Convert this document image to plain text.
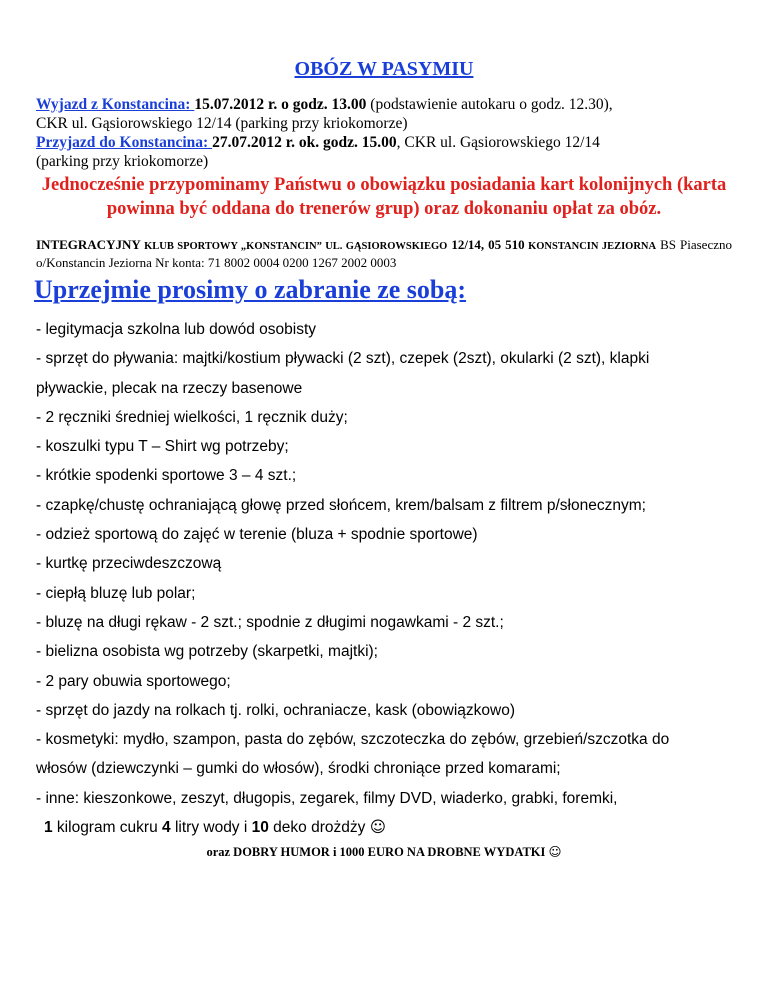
OBÓZ W PASYMIU
Wyjazd z Konstancina: 15.07.2012 r. o godz. 13.00 (podstawienie autokaru o godz. 12.30),
CKR ul. Gąsiorowskiego 12/14 (parking przy kriokomorze)
Przyjazd do Konstancina: 27.07.2012 r. ok. godz. 15.00, CKR ul. Gąsiorowskiego 12/14
(parking przy kriokomorze)
Jednocześnie przypominamy Państwu o obowiązku posiadania kart kolonijnych (karta powinna być oddana do trenerów grup) oraz dokonaniu opłat za obóz.
INTEGRACYJNY KLUB SPORTOWY „KONSTANCIN” UL. GĄSIOROWSKIEGO 12/14, 05 510 KONSTANCIN JEZIORNA BS Piaseczno o/Konstancin Jeziorna Nr konta: 71 8002 0004 0200 1267 2002 0003
Uprzejmie prosimy o zabranie ze sobą:
- legitymacja szkolna lub dowód osobisty
- sprzęt do pływania: majtki/kostium pływacki (2 szt), czepek (2szt), okularki (2 szt), klapki
pływackie, plecak na rzeczy basenowe
- 2 ręczniki średniej wielkości, 1 ręcznik duży;
- koszulki typu T – Shirt wg potrzeby;
- krótkie spodenki sportowe 3 – 4 szt.;
- czapkę/chustę ochraniającą głowę przed słońcem, krem/balsam z filtrem p/słonecznym;
- odzież sportową do zajęć w terenie (bluza + spodnie sportowe)
- kurtkę przeciwdeszczową
- ciepłą bluzę lub polar;
- bluzę na długi rękaw - 2 szt.; spodnie z długimi nogawkami - 2 szt.;
- bielizna osobista wg potrzeby (skarpetki, majtki);
- 2 pary obuwia sportowego;
- sprzęt do jazdy na rolkach tj. rolki, ochraniacze, kask (obowiązkowo)
- kosmetyki: mydło, szampon, pasta do zębów, szczoteczka do zębów, grzebień/szczotka do
włosów (dziewczynki – gumki do włosów), środki chroniące przed komarami;
- inne: kieszonkowe, zeszyt, długopis, zegarek, filmy DVD, wiaderko, grabki, foremki,
1 kilogram cukru 4 litry wody i 10 deko drożdży ☺
oraz DOBRY HUMOR i 1000 EURO NA DROBNE WYDATKI ☺
